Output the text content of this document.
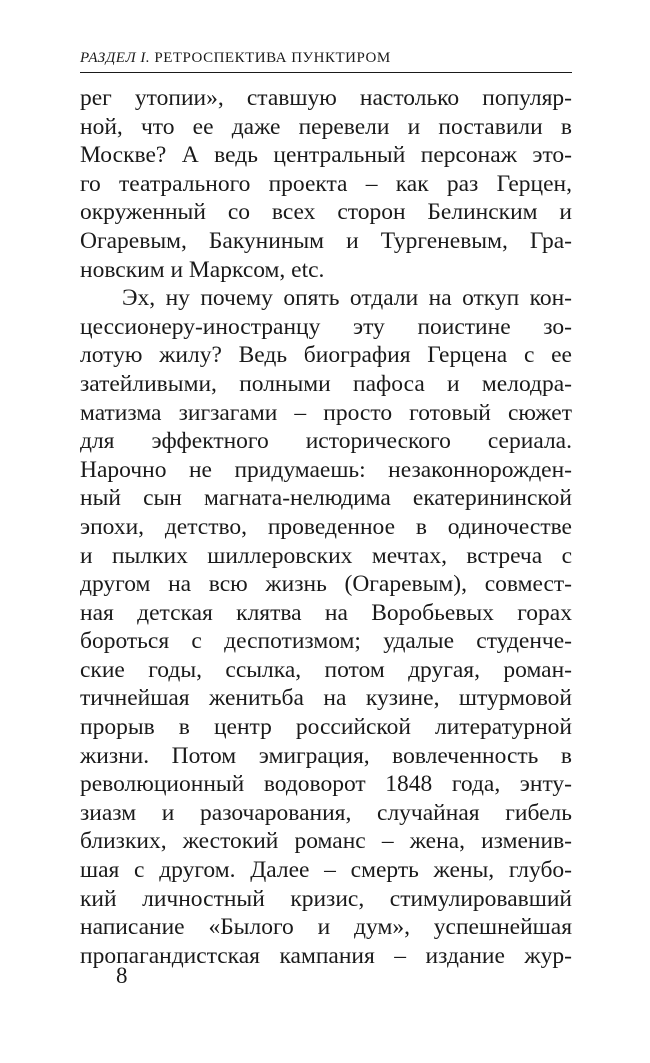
РАЗДЕЛ I. РЕТРОСПЕКТИВА ПУНКТИРОМ
рег утопии», ставшую настолько популяр-
ной, что ее даже перевели и поставили в
Москве? А ведь центральный персонаж это-
го театрального проекта – как раз Герцен,
окруженный со всех сторон Белинским и
Огаревым, Бакуниным и Тургеневым, Гра-
новским и Марксом, etc.
Эх, ну почему опять отдали на откуп кон-
цессионеру-иностранцу эту поистине зо-
лотую жилу? Ведь биография Герцена с ее
затейливыми, полными пафоса и мелодра-
матизма зигзагами – просто готовый сюжет
для эффектного исторического сериала.
Нарочно не придумаешь: незаконнорожден-
ный сын магната-нелюдима екатерининской
эпохи, детство, проведенное в одиночестве
и пылких шиллеровских мечтах, встреча с
другом на всю жизнь (Огаревым), совмест-
ная детская клятва на Воробьевых горах
бороться с деспотизмом; удалые студенче-
ские годы, ссылка, потом другая, роман-
тичнейшая женитьба на кузине, штурмовой
прорыв в центр российской литературной
жизни. Потом эмиграция, вовлеченность в
революционный водоворот 1848 года, энту-
зиазм и разочарования, случайная гибель
близких, жестокий романс – жена, изменив-
шая с другом. Далее – смерть жены, глубо-
кий личностный кризис, стимулировавший
написание «Былого и дум», успешнейшая
пропагандистская кампания – издание жур-
8
